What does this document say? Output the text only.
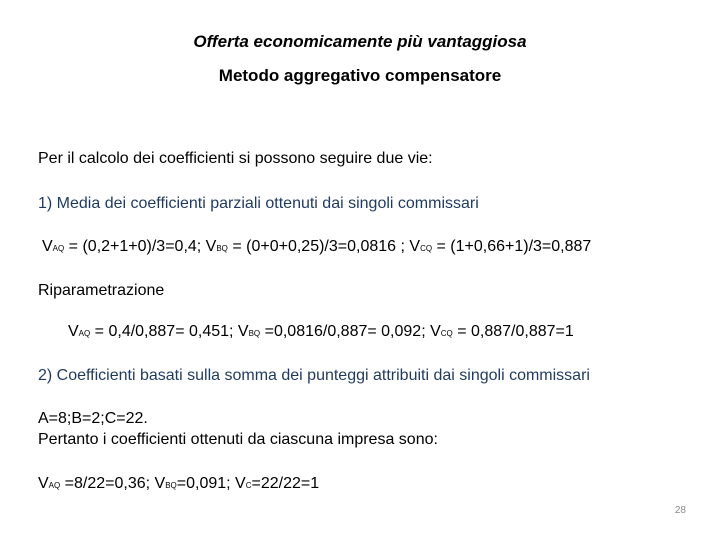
Offerta economicamente più vantaggiosa
Metodo aggregativo compensatore
Per il calcolo dei coefficienti si possono seguire due vie:
1) Media dei coefficienti parziali ottenuti dai singoli commissari
VAQ = (0,2+1+0)/3=0,4; VBQ = (0+0+0,25)/3=0,0816 ; VCQ = (1+0,66+1)/3=0,887
Riparametrazione
VAQ = 0,4/0,887= 0,451; VBQ =0,0816/0,887= 0,092; VCQ = 0,887/0,887=1
2) Coefficienti basati sulla somma dei punteggi attribuiti dai singoli commissari
A=8;B=2;C=22.
Pertanto i coefficienti ottenuti da ciascuna impresa sono:
VAQ =8/22=0,36; VBQ=0,091; VC=22/22=1
28
